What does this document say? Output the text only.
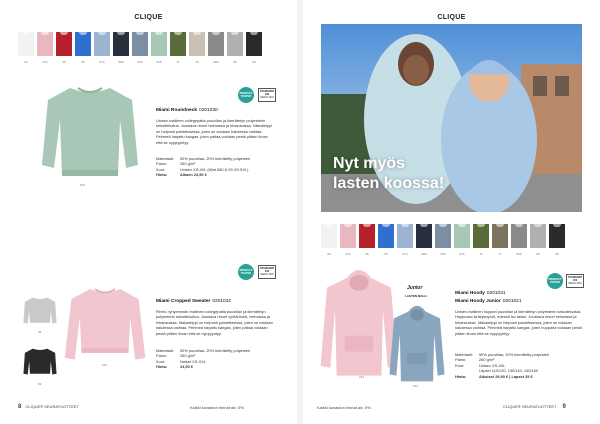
CLIQUE
00	213	35	55	574	580	660	615	71	76	956	95	99
615
PRODUCT TESTED
STANDARD 100
OEKO-TEX
Miami Roundneck 0201030
Unisex-mallinen collegepaita puuvillan ja kierrätetyn polyesterin sekoitekuitua. Joustava resori helmassa ja hihansuissa. Niskateippi on helposti poistettavissa, joten se voidaan halutessa vaihtaa. Pehmeä harjattu kangas, joten paitaa voidaan pestä pitäen ilman että se nyppyyntyy.
Materiaali:	50% puuvillaa, 20% kierrätetty polyesteri
Paino:	260 g/m²
Koot:	Unisex XS-4XL (Mint 580 & 99 XS-5XL)
Hinta:	Alkaen 24,90 €
PRODUCT TESTED
STANDARD 100
OEKO-TEX
95
99
213
Miami Cropped Sweater 0201032
Rento, lyhyemmän mallinen collegepaita puuvillan ja kierrätetyn polyesterin sekoitekuitua. Joustava resori vyötärössä, helmassa ja hihansuissa. Niskateippi on helposti poistettavissa, joten se voidaan halutessa vaihtaa. Pehmeä harjattu kangas, joten paitaa voidaan pestä pitäen ilman että se nyppyyntyy.
Materiaali:	50% puuvillaa, 20% kierrätetty polyesteri
Paino:	260 g/m²
Koot:	Naiset XS-XXL
Hinta:	24,90 €
8 CLIQUE® SEURATUOTTEET	Kaikki kuvaston hinnat alv. 0%.
CLIQUE
Nyt myös
lasten koossa!
00	213	35	55	574	580	660	615	71	77	956	95	99
PRODUCT TESTED
STANDARD 100
OEKO-TEX
213
Junior
LASTEN MALLI
574
Miami Hoody 0201031
Miami Hoody Junior 0201021
Unisex-mallinen huppari puuvillan ja kierrätetyn polyesterin sekoitekuitua. Huppussa kiristysnyörit, edessä iso tasku. Joustava resori helmassa ja hihansuissa. Niskateippi on helposti poistettavissa, joten se voidaan halutessa vaihtaa. Pehmeä harjattu kangas, joten hupparia voidaan pestä pitäen ilman että se nyppyyntyy.
Materiaali:	50% puuvillaa, 20% kierrätetty polyesteri
Paino:	260 g/m²
Koot:	Unisex XS-4XL
Lapset 110/120, 130/140, 150/160
Hinta:	Aikuiset 29,90 € | Lapset 25 €
Kaikki kuvaston hinnat alv. 0%.	CLIQUE® SEURATUOTTEET 9
